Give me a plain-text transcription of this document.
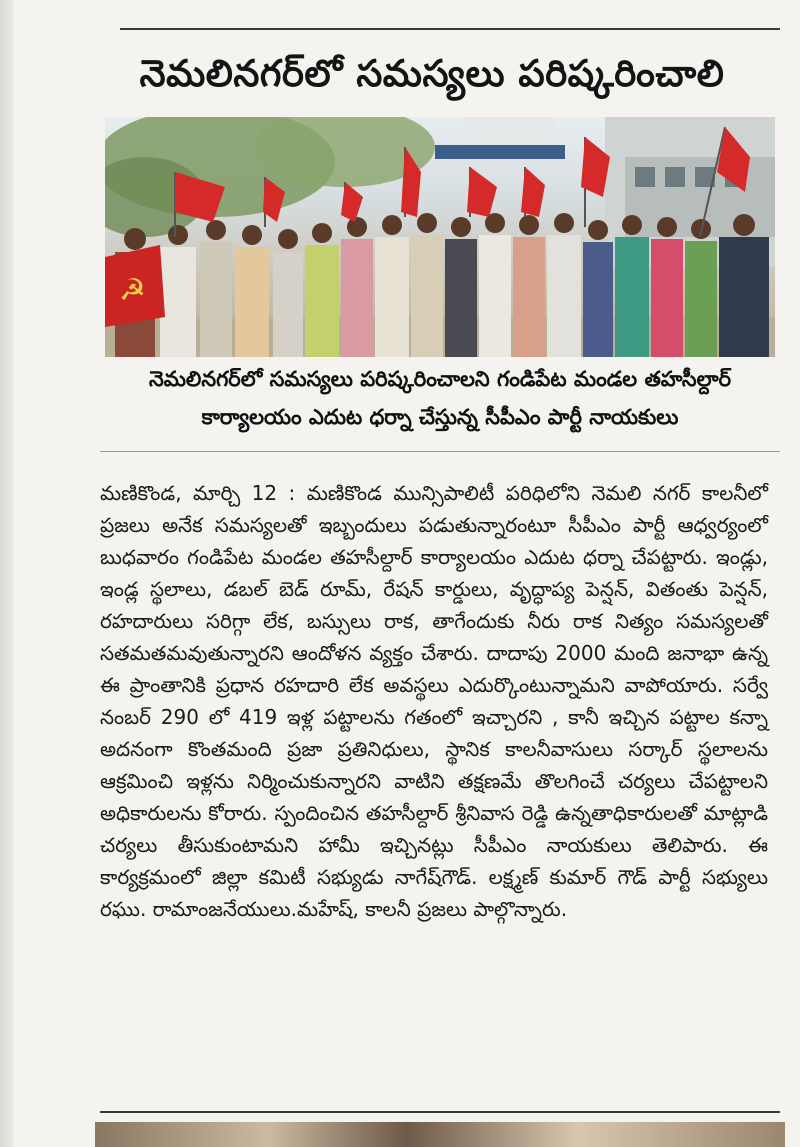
నెమలినగర్‌లో సమస్యలు పరిష్కరించాలి
☭
నెమలినగర్‌లో సమస్యలు పరిష్కరించాలని గండిపేట మండల తహసీల్దార్
కార్యాలయం ఎదుట ధర్నా చేస్తున్న సీపీఎం పార్టీ నాయకులు
మణికొండ, మార్చి 12 : మణికొండ మున్సిపాలిటీ పరిధిలోని నెమలి నగర్ కాలనీలో ప్రజలు అనేక సమస్యలతో ఇబ్బందులు పడుతున్నారంటూ సీపీఎం పార్టీ ఆధ్వర్యంలో బుధవారం గండిపేట మండల తహసీల్దార్ కార్యాలయం ఎదుట ధర్నా చేపట్టారు. ఇండ్లు, ఇండ్ల స్థలాలు, డబల్ బెడ్ రూమ్, రేషన్ కార్డులు, వృద్ధాప్య పెన్షన్, వితంతు పెన్షన్, రహదారులు సరిగ్గా లేక, బస్సులు రాక, తాగేందుకు నీరు రాక నిత్యం సమస్యలతో సతమతమవుతున్నారని ఆందోళన వ్యక్తం చేశారు. దాదాపు 2000 మంది జనాభా ఉన్న ఈ ప్రాంతానికి ప్రధాన రహదారి లేక అవస్థలు ఎదుర్కొంటున్నామని వాపోయారు. సర్వే నంబర్ 290 లో 419 ఇళ్ల పట్టాలను గతంలో ఇచ్చారని , కానీ ఇచ్చిన పట్టాల కన్నా అదనంగా కొంతమంది ప్రజా ప్రతినిధులు, స్థానిక కాలనీవాసులు సర్కార్ స్థలాలను ఆక్రమించి ఇళ్లను నిర్మించుకున్నారని వాటిని తక్షణమే తొలగించే చర్యలు చేపట్టాలని అధికారులను కోరారు. స్పందించిన తహసీల్దార్ శ్రీనివాస రెడ్డి ఉన్నతాధికారులతో మాట్లాడి చర్యలు తీసుకుంటామని హామీ ఇచ్చినట్లు సీపీఎం నాయకులు తెలిపారు. ఈ కార్యక్రమంలో జిల్లా కమిటీ సభ్యుడు నాగేష్‌గౌడ్. లక్ష్మణ్ కుమార్ గౌడ్ పార్టీ సభ్యులు రఘు. రామాంజనేయులు.మహేష్, కాలనీ ప్రజలు పాల్గొన్నారు.
